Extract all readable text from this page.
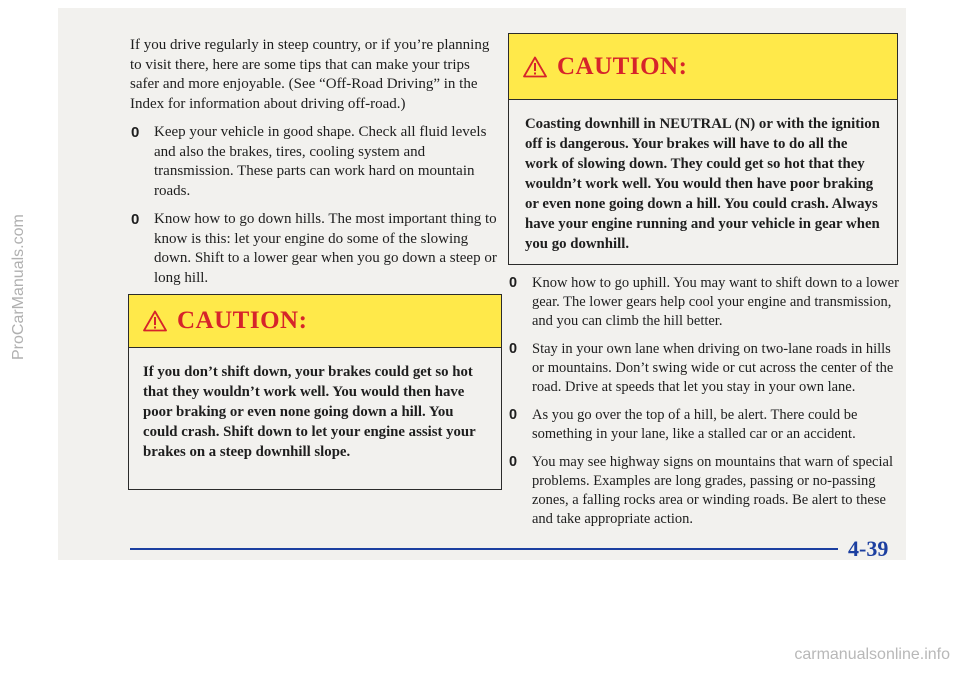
ProCarManuals.com

If you drive regularly in steep country, or if you’re planning to visit there, here are some tips that can make your trips safer and more enjoyable. (See “Off-Road Driving” in the Index for information about driving off-road.)

0 Keep your vehicle in good shape. Check all fluid levels and also the brakes, tires, cooling system and transmission. These parts can work hard on mountain roads.
0 Know how to go down hills. The most important thing to know is this: let your engine do some of the slowing down. Shift to a lower gear when you go down a steep or long hill.
CAUTION:
If you don’t shift down, your brakes could get so hot that they wouldn’t work well. You would then have poor braking or even none going down a hill. You could crash. Shift down to let your engine assist your brakes on a steep downhill slope.
CAUTION:
Coasting downhill in NEUTRAL (N) or with the ignition off is dangerous. Your brakes will have to do all the work of slowing down. They could get so hot that they wouldn’t work well. You would then have poor braking or even none going down a hill. You could crash. Always have your engine running and your vehicle in gear when you go downhill.
0 Know how to go uphill. You may want to shift down to a lower gear. The lower gears help cool your engine and transmission, and you can climb the hill better.
0 Stay in your own lane when driving on two-lane roads in hills or mountains. Don’t swing wide or cut across the center of the road. Drive at speeds that let you stay in your own lane.
0 As you go over the top of a hill, be alert. There could be something in your lane, like a stalled car or an accident.
0 You may see highway signs on mountains that warn of special problems. Examples are long grades, passing or no-passing zones, a falling rocks area or winding roads. Be alert to these and take appropriate action.
4-39
carmanualsonline.info
